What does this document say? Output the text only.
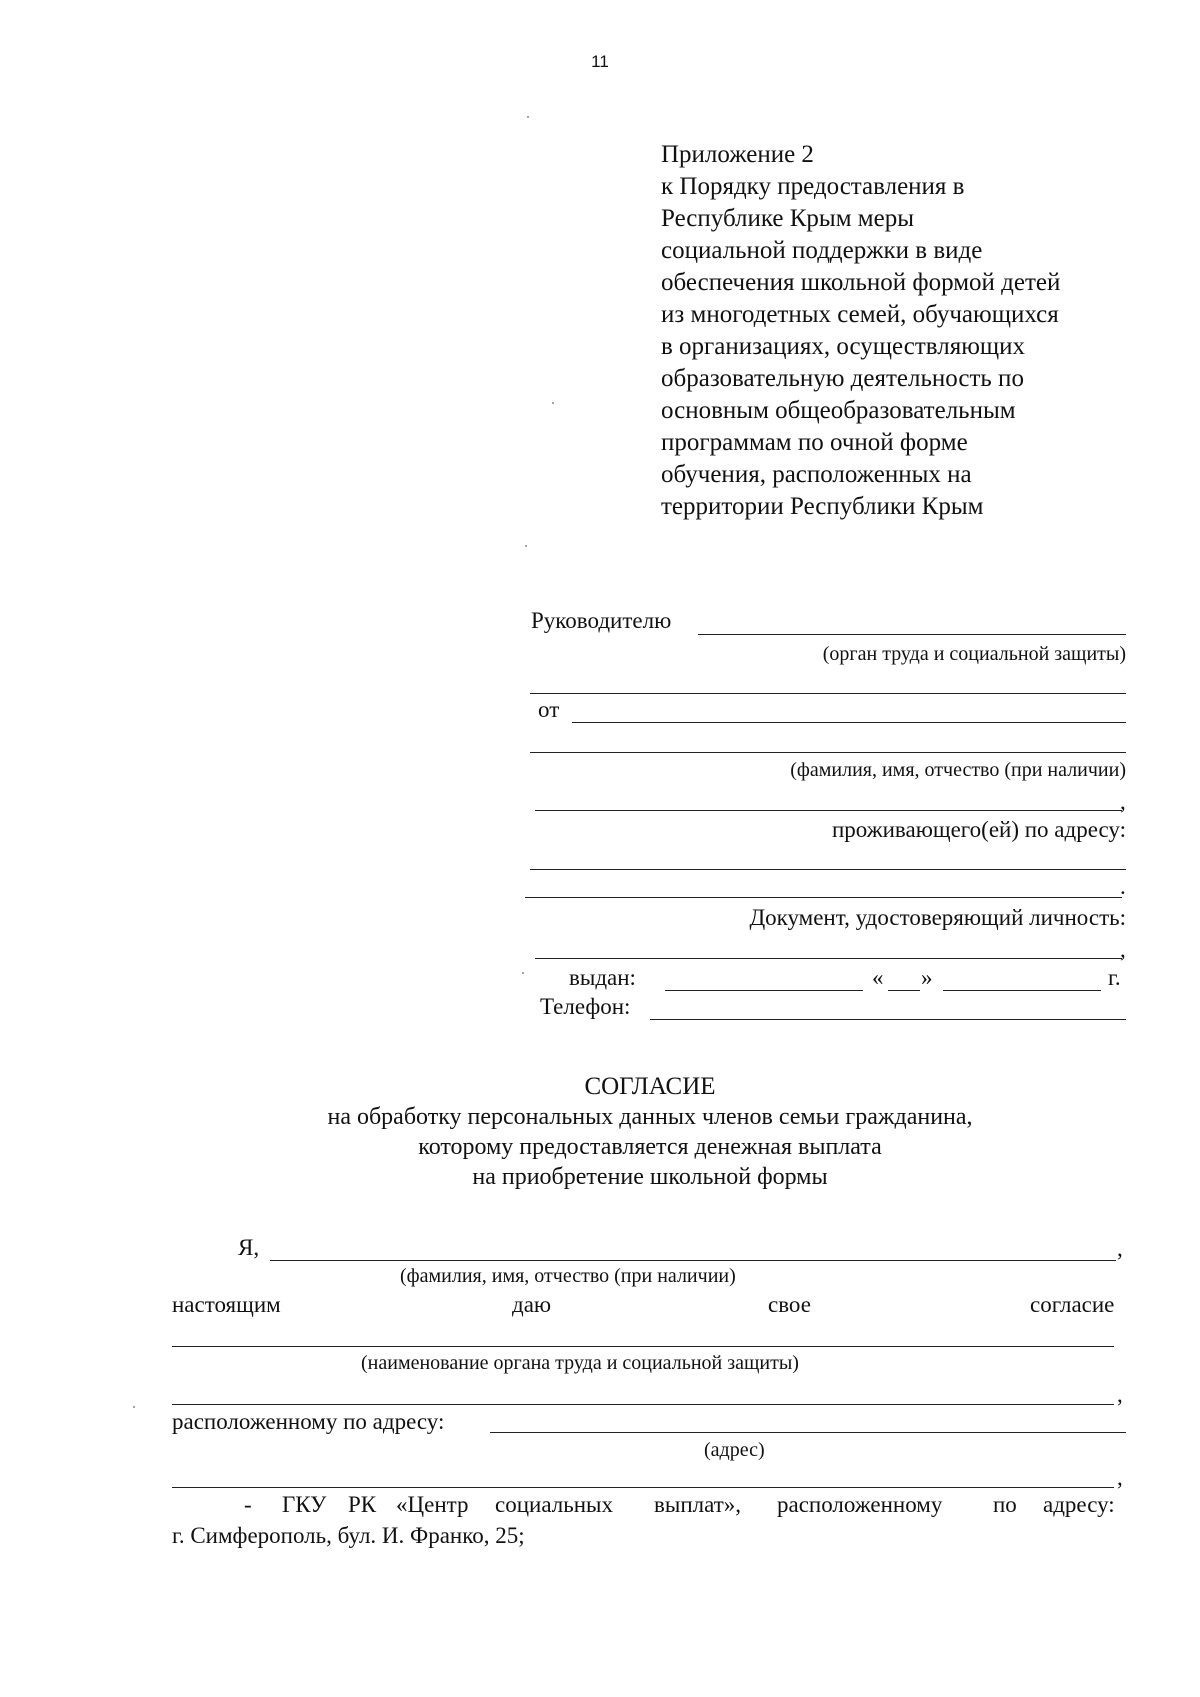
11
Приложение 2
к Порядку предоставления в
Республике Крым меры
социальной поддержки в виде
обеспечения школьной формой детей
из многодетных семей, обучающихся
в организациях, осуществляющих
образовательную деятельность по
основным общеобразовательным
программам по очной форме
обучения, расположенных на
территории Республики Крым
Руководителю
(орган труда и социальной защиты)
от
(фамилия, имя, отчество (при наличии)
,
проживающего(ей) по адресу:
.
Документ, удостоверяющий личность:
,
выдан:	« »	г.
Телефон:
СОГЛАСИЕ
на обработку персональных данных членов семьи гражданина,
которому предоставляется денежная выплата
на приобретение школьной формы
Я,	,
(фамилия, имя, отчество (при наличии)
настоящим	даю	свое	согласие
(наименование органа труда и социальной защиты)
,
расположенному по адресу:
(адрес)
,
- ГКУ РК «Центр социальных выплат», расположенному по адресу:
г. Симферополь, бул. И. Франко, 25;
